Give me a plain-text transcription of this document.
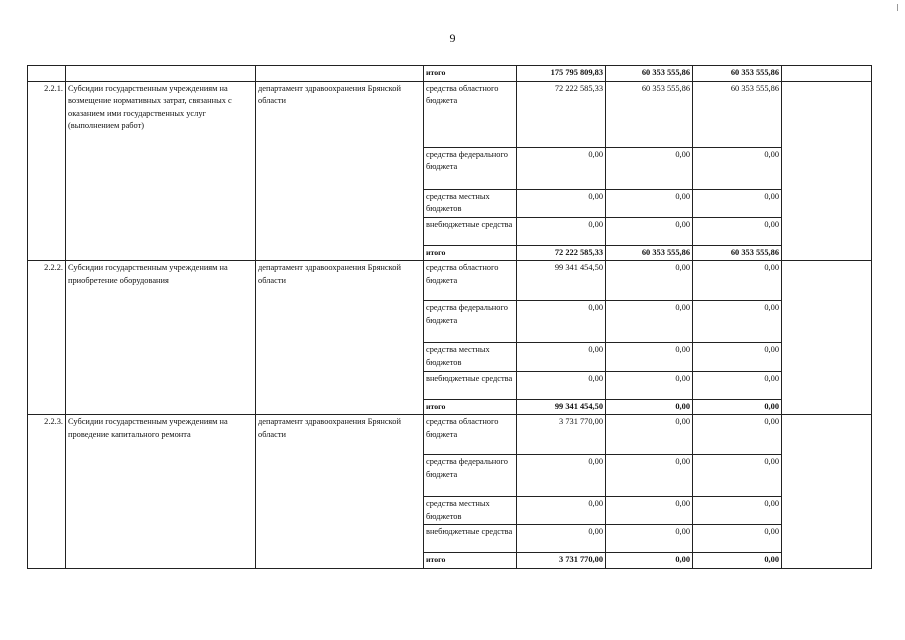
9
			итого	175 795 809,83	60 353 555,86	60 353 555,86	
2.2.1.	Субсидии государственным учреждениям на возмещение нормативных затрат, связанных с оказанием ими государственных услуг (выполнением работ)	департамент здравоохранения Брянской области	средства областного бюджета	72 222 585,33	60 353 555,86	60 353 555,86	
			средства федерального бюджета	0,00	0,00	0,00	
			средства местных бюджетов	0,00	0,00	0,00	
			внебюджетные средства	0,00	0,00	0,00	
			итого	72 222 585,33	60 353 555,86	60 353 555,86	
2.2.2.	Субсидии государственным учреждениям на приобретение оборудования	департамент здравоохранения Брянской области	средства областного бюджета	99 341 454,50	0,00	0,00	
			средства федерального бюджета	0,00	0,00	0,00	
			средства местных бюджетов	0,00	0,00	0,00	
			внебюджетные средства	0,00	0,00	0,00	
			итого	99 341 454,50	0,00	0,00	
2.2.3.	Субсидии государственным учреждениям на проведение капитального ремонта	департамент здравоохранения Брянской области	средства областного бюджета	3 731 770,00	0,00	0,00	
			средства федерального бюджета	0,00	0,00	0,00	
			средства местных бюджетов	0,00	0,00	0,00	
			внебюджетные средства	0,00	0,00	0,00	
			итого	3 731 770,00	0,00	0,00	
